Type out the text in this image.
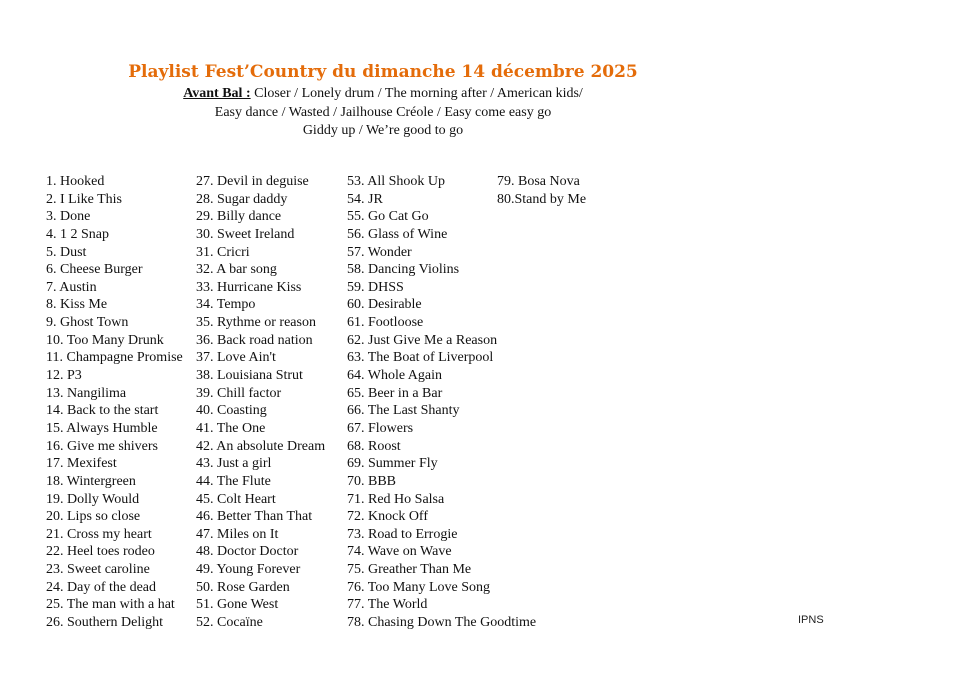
Playlist Fest’Country du dimanche 14 décembre 2025
Avant Bal : Closer / Lonely drum / The morning after / American kids/
Easy dance / Wasted / Jailhouse Créole / Easy come easy go
Giddy up / We’re good to go
1. Hooked
2. I Like This
3. Done
4. 1 2 Snap
5. Dust
6. Cheese Burger
7. Austin
8. Kiss Me
9. Ghost Town
10. Too Many Drunk
11. Champagne Promise
12. P3
13. Nangilima
14. Back to the start
15. Always Humble
16. Give me shivers
17. Mexifest
18. Wintergreen
19. Dolly Would
20. Lips so close
21. Cross my heart
22. Heel toes rodeo
23. Sweet caroline
24. Day of the dead
25. The man with a hat
26. Southern Delight
27. Devil in deguise
28. Sugar daddy
29. Billy dance
30. Sweet Ireland
31. Cricri
32. A bar song
33. Hurricane Kiss
34. Tempo
35. Rythme or reason
36. Back road nation
37. Love Ain't
38. Louisiana Strut
39. Chill factor
40. Coasting
41. The One
42. An absolute Dream
43. Just a girl
44. The Flute
45. Colt Heart
46. Better Than That
47. Miles on It
48. Doctor Doctor
49. Young Forever
50. Rose Garden
51. Gone West
52. Cocaïne
53. All Shook Up
54. JR
55. Go Cat Go
56. Glass of Wine
57. Wonder
58. Dancing Violins
59. DHSS
60. Desirable
61. Footloose
62. Just Give Me a Reason
63. The Boat of Liverpool
64. Whole Again
65. Beer in a Bar
66. The Last Shanty
67. Flowers
68. Roost
69. Summer Fly
70. BBB
71. Red Ho Salsa
72. Knock Off
73. Road to Errogie
74. Wave on Wave
75. Greather Than Me
76. Too Many Love Song
77. The World
78. Chasing Down The Goodtime
79. Bosa Nova
80.Stand by Me
IPNS
